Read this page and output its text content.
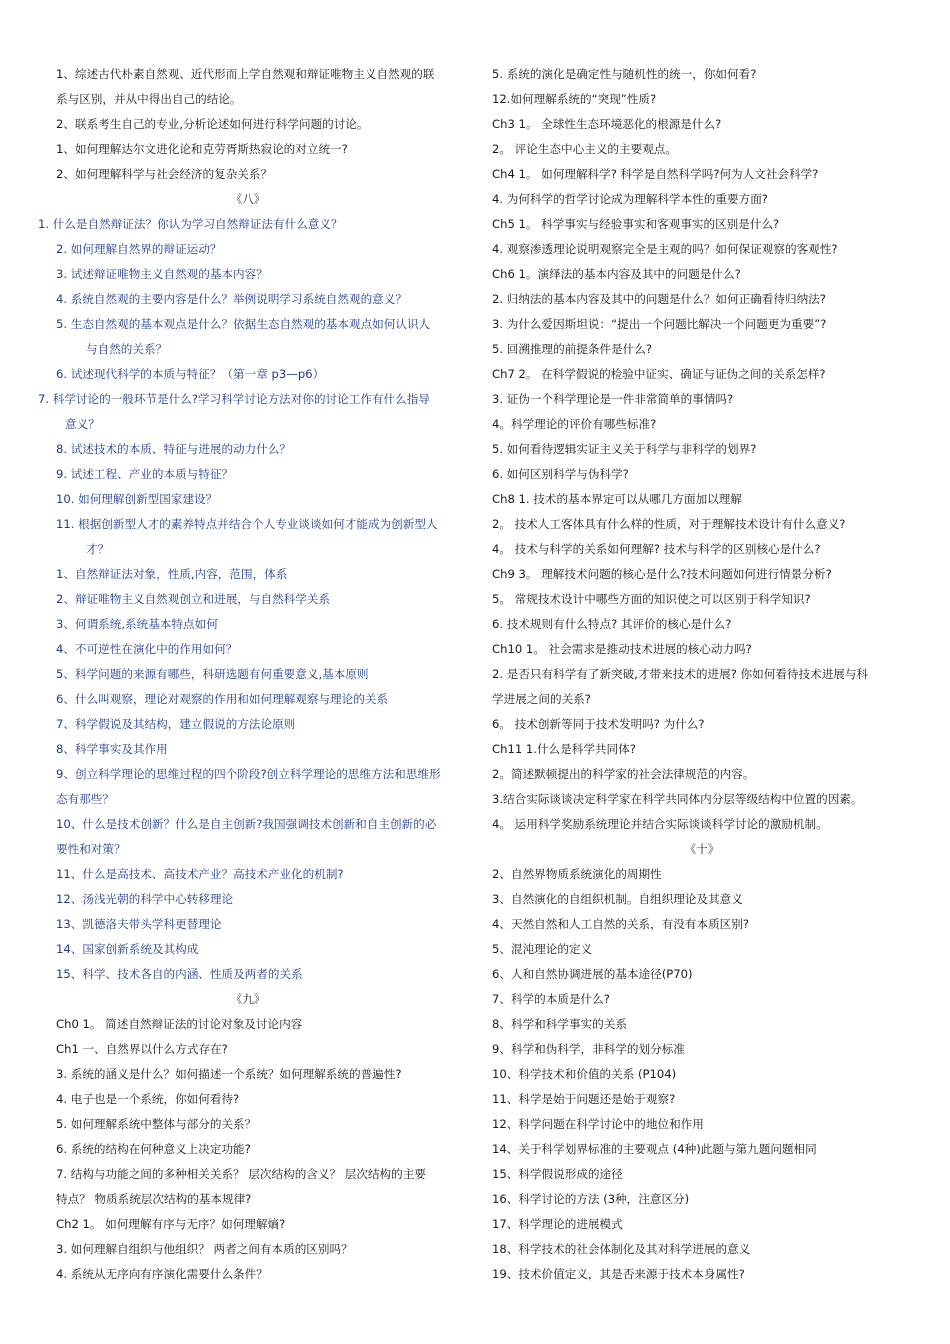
1、综述古代朴素自然观、近代形而上学自然观和辩证唯物主义自然观的联
系与区别，并从中得出自己的结论。
2、联系考生自己的专业,分析论述如何进行科学问题的讨论。
1、如何理解达尔文进化论和克劳胥斯热寂论的对立统一?
2、如何理解科学与社会经济的复杂关系？
《八》
1. 什么是自然辩证法？你认为学习自然辩证法有什么意义？
2. 如何理解自然界的辩证运动？
3. 试述辩证唯物主义自然观的基本内容？
4. 系统自然观的主要内容是什么？举例说明学习系统自然观的意义？
5. 生态自然观的基本观点是什么？依据生态自然观的基本观点如何认识人
与自然的关系？
6. 试述现代科学的本质与特征？（第一章 p3—p6）
7. 科学讨论的一般环节是什么?学习科学讨论方法对你的讨论工作有什么指导
意义？
8. 试述技术的本质、特征与进展的动力什么？
9. 试述工程、产业的本质与特征？
10. 如何理解创新型国家建设？
11. 根据创新型人才的素养特点并结合个人专业谈谈如何才能成为创新型人
才？
1、自然辩证法对象，性质,内容，范围，体系
2、辩证唯物主义自然观创立和进展，与自然科学关系
3、何谓系统,系统基本特点如何
4、不可逆性在演化中的作用如何？
5、科学问题的来源有哪些，科研选题有何重要意义,基本原则
6、什么叫观察，理论对观察的作用和如何理解观察与理论的关系
7、科学假说及其结构，建立假说的方法论原则
8、科学事实及其作用
9、创立科学理论的思维过程的四个阶段?创立科学理论的思维方法和思维形
态有那些？
10、什么是技术创新？什么是自主创新?我国强调技术创新和自主创新的必
要性和对策？
11、什么是高技术、高技术产业？高技术产业化的机制?
12、汤浅光朝的科学中心转移理论
13、凯德洛夫带头学科更替理论
14、国家创新系统及其构成
15、科学、技术各自的内涵、性质及两者的关系
《九》
Ch0 1。 简述自然辩证法的讨论对象及讨论内容
Ch1 一、自然界以什么方式存在?
3. 系统的涵义是什么？如何描述一个系统？如何理解系统的普遍性?
4. 电子也是一个系统，你如何看待?
5. 如何理解系统中整体与部分的关系？
6. 系统的结构在何种意义上决定功能?
7. 结构与功能之间的多种相关关系？ 层次结构的含义？ 层次结构的主要
特点？ 物质系统层次结构的基本规律?
Ch2 1。 如何理解有序与无序？如何理解熵?
3. 如何理解自组织与他组织？ 两者之间有本质的区别吗？
4. 系统从无序向有序演化需要什么条件？
5. 系统的演化是确定性与随机性的统一，你如何看?
12.如何理解系统的“突现”性质?
Ch3 1。 全球性生态环境恶化的根源是什么?
2。 评论生态中心主义的主要观点。
Ch4 1。 如何理解科学? 科学是自然科学吗?何为人文社会科学?
4. 为何科学的哲学讨论成为理解科学本性的重要方面?
Ch5 1。 科学事实与经验事实和客观事实的区别是什么?
4. 观察渗透理论说明观察完全是主观的吗？如何保证观察的客观性?
Ch6 1。演绎法的基本内容及其中的问题是什么?
2. 归纳法的基本内容及其中的问题是什么？如何正确看待归纳法?
3. 为什么爱因斯坦说：“提出一个问题比解决一个问题更为重要”?
5. 回溯推理的前提条件是什么?
Ch7 2。 在科学假说的检验中证实、确证与证伪之间的关系怎样?
3. 证伪一个科学理论是一件非常简单的事情吗?
4。科学理论的评价有哪些标准?
5. 如何看待逻辑实证主义关于科学与非科学的划界?
6. 如何区别科学与伪科学?
Ch8 1. 技术的基本界定可以从哪几方面加以理解
2。 技术人工客体具有什么样的性质，对于理解技术设计有什么意义?
4。 技术与科学的关系如何理解? 技术与科学的区别核心是什么?
Ch9 3。 理解技术问题的核心是什么?技术问题如何进行情景分析?
5。 常规技术设计中哪些方面的知识使之可以区别于科学知识?
6. 技术规则有什么特点? 其评价的核心是什么?
Ch10 1。 社会需求是推动技术进展的核心动力吗?
2. 是否只有科学有了新突破,才带来技术的进展? 你如何看待技术进展与科
学进展之间的关系?
6。 技术创新等同于技术发明吗? 为什么?
Ch11 1.什么是科学共同体?
2。简述默顿提出的科学家的社会法律规范的内容。
3.结合实际谈谈决定科学家在科学共同体内分层等级结构中位置的因素。
4。 运用科学奖励系统理论并结合实际谈谈科学讨论的激励机制。
《十》
2、自然界物质系统演化的周期性
3、自然演化的自组织机制。自组织理论及其意义
4、天然自然和人工自然的关系，有没有本质区别?
5、混沌理论的定义
6、人和自然协调进展的基本途径(P70)
7、科学的本质是什么?
8、科学和科学事实的关系
9、科学和伪科学，非科学的划分标准
10、科学技术和价值的关系 (P104)
11、科学是始于问题还是始于观察?
12、科学问题在科学讨论中的地位和作用
14、关于科学划界标准的主要观点 (4种)此题与第九题问题相同
15、科学假说形成的途径
16、科学讨论的方法 (3种，注意区分)
17、科学理论的进展模式
18、科学技术的社会体制化及其对科学进展的意义
19、技术价值定义，其是否来源于技术本身属性?
